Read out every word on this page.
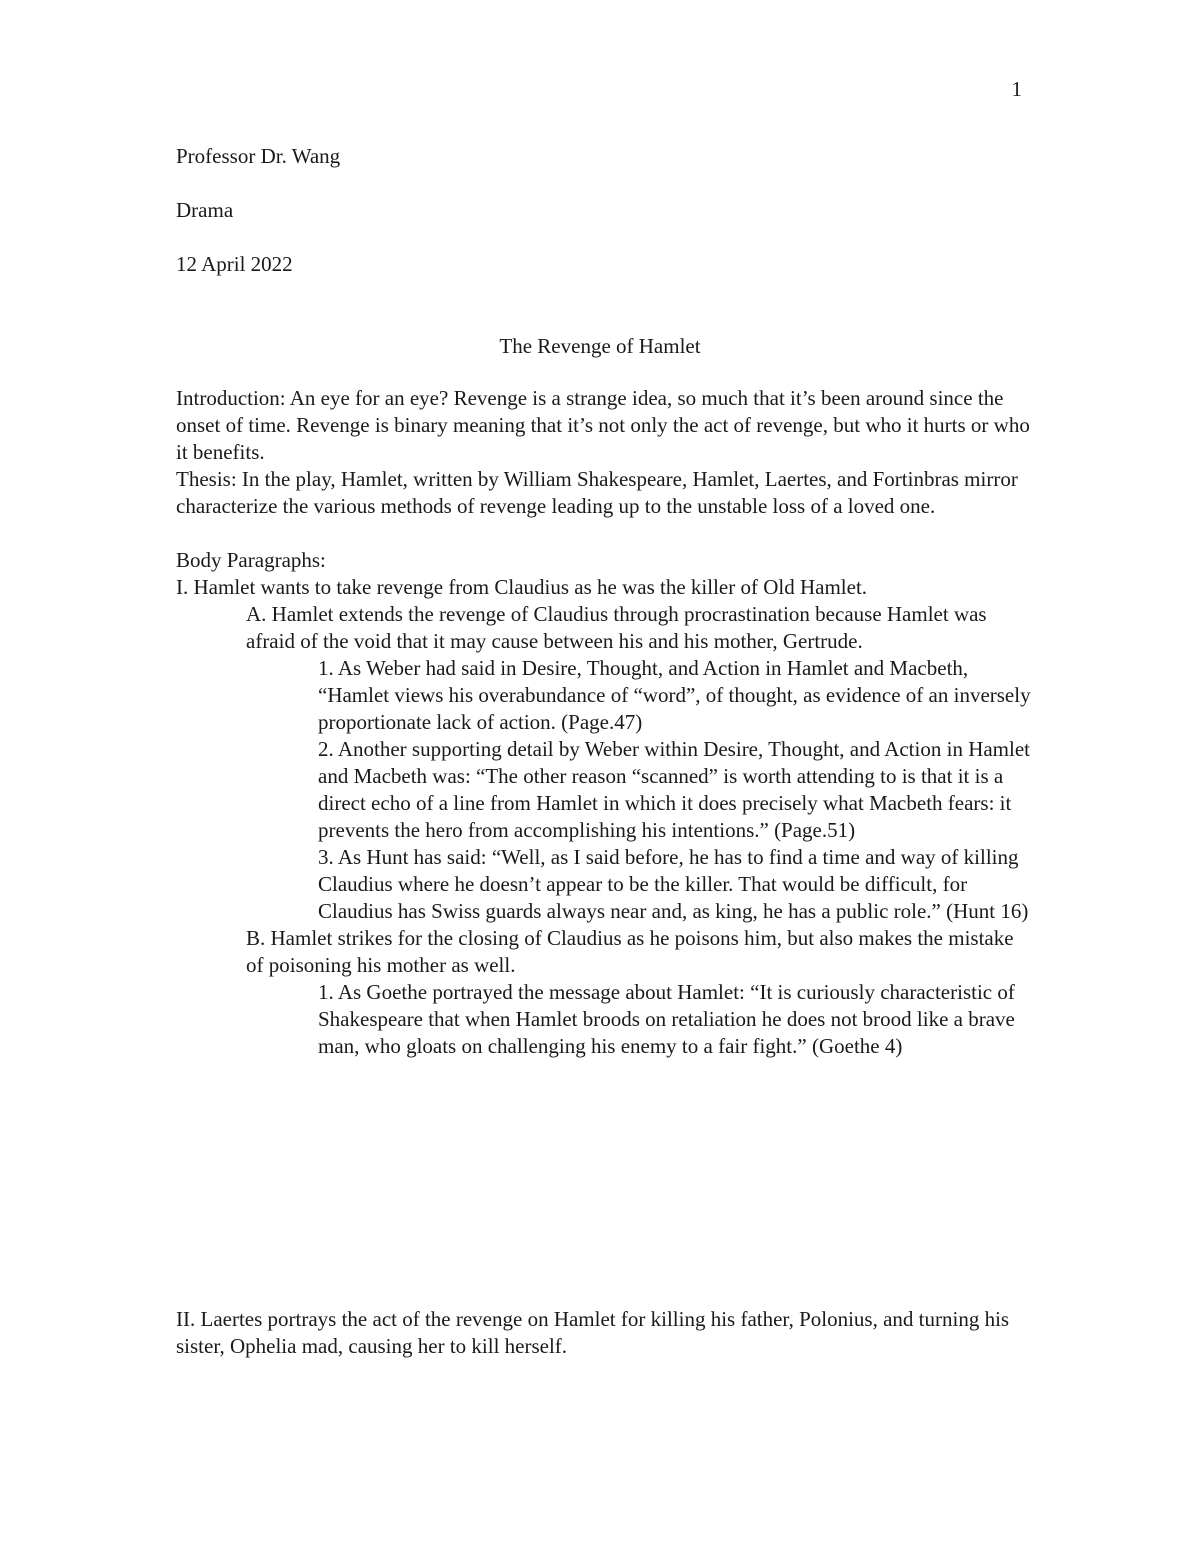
1

Professor Dr. Wang

Drama

12 April 2022

The Revenge of Hamlet

Introduction: An eye for an eye? Revenge is a strange idea, so much that it’s been around since the onset of time. Revenge is binary meaning that it’s not only the act of revenge, but who it hurts or who it benefits.

Thesis: In the play, Hamlet, written by William Shakespeare, Hamlet, Laertes, and Fortinbras mirror characterize the various methods of revenge leading up to the unstable loss of a loved one.

Body Paragraphs:

I. Hamlet wants to take revenge from Claudius as he was the killer of Old Hamlet.

A. Hamlet extends the revenge of Claudius through procrastination because Hamlet was afraid of the void that it may cause between his and his mother, Gertrude.

1. As Weber had said in Desire, Thought, and Action in Hamlet and Macbeth, “Hamlet views his overabundance of “word”, of thought, as evidence of an inversely proportionate lack of action. (Page.47)

2. Another supporting detail by Weber within Desire, Thought, and Action in Hamlet and Macbeth was: “The other reason “scanned” is worth attending to is that it is a direct echo of a line from Hamlet in which it does precisely what Macbeth fears: it prevents the hero from accomplishing his intentions.” (Page.51)

3. As Hunt has said: “Well, as I said before, he has to find a time and way of killing Claudius where he doesn’t appear to be the killer. That would be difficult, for Claudius has Swiss guards always near and, as king, he has a public role.” (Hunt 16)

B. Hamlet strikes for the closing of Claudius as he poisons him, but also makes the mistake of poisoning his mother as well.

1. As Goethe portrayed the message about Hamlet: “It is curiously characteristic of Shakespeare that when Hamlet broods on retaliation he does not brood like a brave man, who gloats on challenging his enemy to a fair fight.” (Goethe 4)

II. Laertes portrays the act of the revenge on Hamlet for killing his father, Polonius, and turning his sister, Ophelia mad, causing her to kill herself.
